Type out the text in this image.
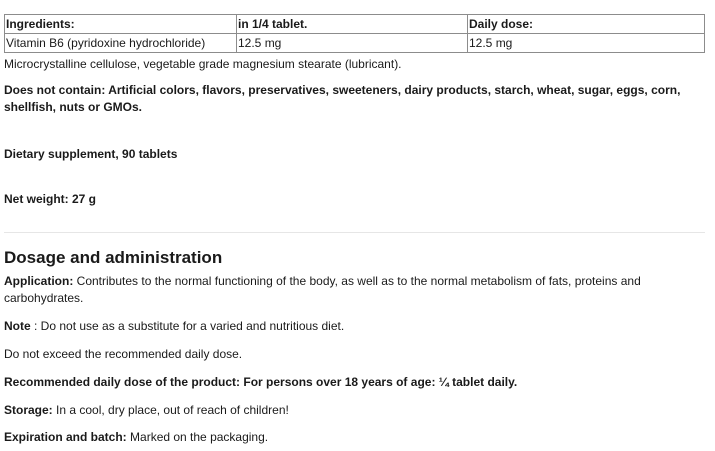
Ingredients:	in 1/4 tablet.	Daily dose:
Vitamin B6 (pyridoxine hydrochloride)	12.5 mg	12.5 mg

Microcrystalline cellulose, vegetable grade magnesium stearate (lubricant).

Does not contain: Artificial colors, flavors, preservatives, sweeteners, dairy products, starch, wheat, sugar, eggs, corn, shellfish, nuts or GMOs.

Dietary supplement, 90 tablets

Net weight: 27 g

Dosage and administration

Application: Contributes to the normal functioning of the body, as well as to the normal metabolism of fats, proteins and carbohydrates.

Note : Do not use as a substitute for a varied and nutritious diet.

Do not exceed the recommended daily dose.

Recommended daily dose of the product: For persons over 18 years of age: ¼ tablet daily.

Storage: In a cool, dry place, out of reach of children!

Expiration and batch: Marked on the packaging.
